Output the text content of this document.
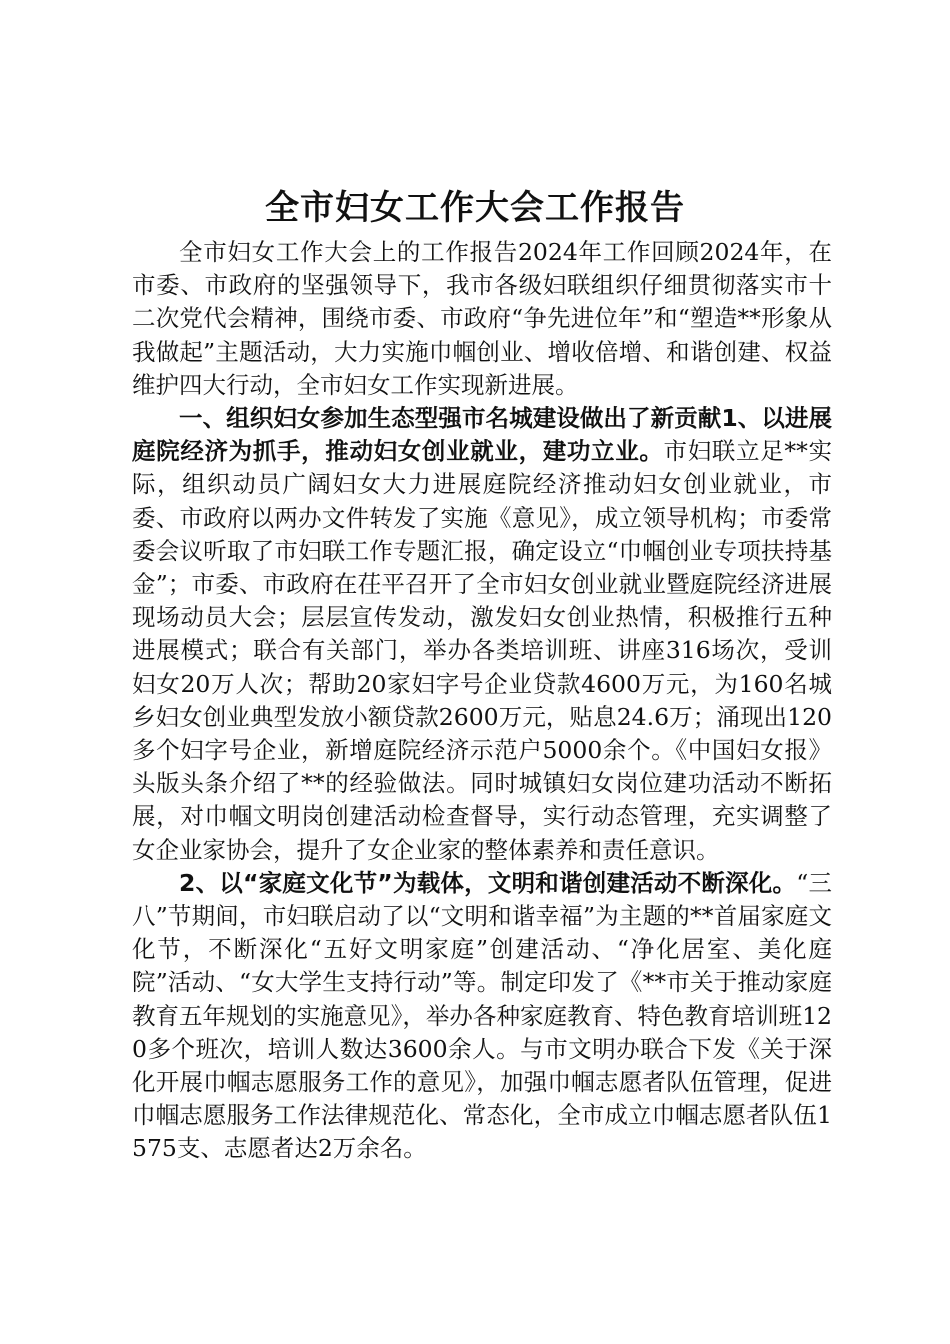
全市妇女工作大会工作报告

全市妇女工作大会上的工作报告2024年工作回顾2024年，在市委、市政府的坚强领导下，我市各级妇联组织仔细贯彻落实市十二次党代会精神，围绕市委、市政府“争先进位年”和“塑造**形象从我做起”主题活动，大力实施巾帼创业、增收倍增、和谐创建、权益维护四大行动，全市妇女工作实现新进展。

一、组织妇女参加生态型强市名城建设做出了新贡献1、以进展庭院经济为抓手，推动妇女创业就业，建功立业。市妇联立足**实际，组织动员广阔妇女大力进展庭院经济推动妇女创业就业，市委、市政府以两办文件转发了实施《意见》，成立领导机构；市委常委会议听取了市妇联工作专题汇报，确定设立“巾帼创业专项扶持基金”；市委、市政府在茌平召开了全市妇女创业就业暨庭院经济进展现场动员大会；层层宣传发动，激发妇女创业热情，积极推行五种进展模式；联合有关部门，举办各类培训班、讲座316场次，受训妇女20万人次；帮助20家妇字号企业贷款4600万元，为160名城乡妇女创业典型发放小额贷款2600万元，贴息24.6万；涌现出120多个妇字号企业，新增庭院经济示范户5000余个。《中国妇女报》头版头条介绍了**的经验做法。同时城镇妇女岗位建功活动不断拓展，对巾帼文明岗创建活动检查督导，实行动态管理，充实调整了女企业家协会，提升了女企业家的整体素养和责任意识。

2、以“家庭文化节”为载体，文明和谐创建活动不断深化。“三八”节期间，市妇联启动了以“文明和谐幸福”为主题的**首届家庭文化节，不断深化“五好文明家庭”创建活动、“净化居室、美化庭院”活动、“女大学生支持行动”等。制定印发了《**市关于推动家庭教育五年规划的实施意见》，举办各种家庭教育、特色教育培训班120多个班次，培训人数达3600余人。与市文明办联合下发《关于深化开展巾帼志愿服务工作的意见》，加强巾帼志愿者队伍管理，促进巾帼志愿服务工作法律规范化、常态化，全市成立巾帼志愿者队伍1575支、志愿者达2万余名。
